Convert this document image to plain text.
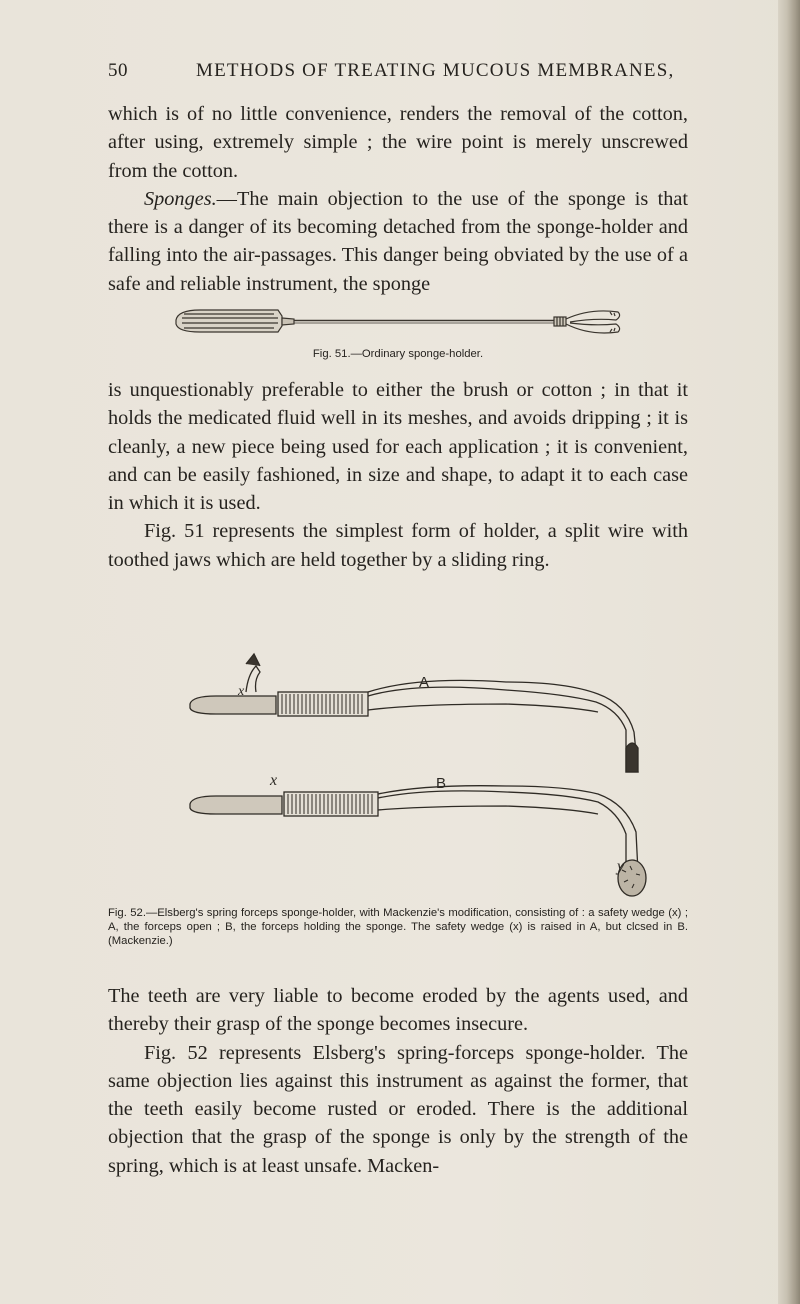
50	METHODS OF TREATING MUCOUS MEMBRANES,

which is of no little convenience, renders the removal of the cotton, after using, extremely simple ; the wire point is merely unscrewed from the cotton.

Sponges.—The main objection to the use of the sponge is that there is a danger of its becoming detached from the sponge-holder and falling into the air-passages. This danger being obviated by the use of a safe and reliable instrument, the sponge

Fig. 51.—Ordinary sponge-holder.

is unquestionably preferable to either the brush or cotton ; in that it holds the medicated fluid well in its meshes, and avoids dripping ; it is cleanly, a new piece being used for each application ; it is convenient, and can be easily fashioned, in size and shape, to adapt it to each case in which it is used.

Fig. 51 represents the simplest form of holder, a split wire with toothed jaws which are held together by a sliding ring.

A
x
B
x
y
Fig. 52.—Elsberg's spring forceps sponge-holder, with Mackenzie's modification, consisting of : a safety wedge (x) ; A, the forceps open ; B, the forceps holding the sponge. The safety wedge (x) is raised in A, but clcsed in B. (Mackenzie.)

The teeth are very liable to become eroded by the agents used, and thereby their grasp of the sponge becomes insecure.

Fig. 52 represents Elsberg's spring-forceps sponge-holder. The same objection lies against this instrument as against the former, that the teeth easily become rusted or eroded. There is the additional objection that the grasp of the sponge is only by the strength of the spring, which is at least unsafe. Macken-
